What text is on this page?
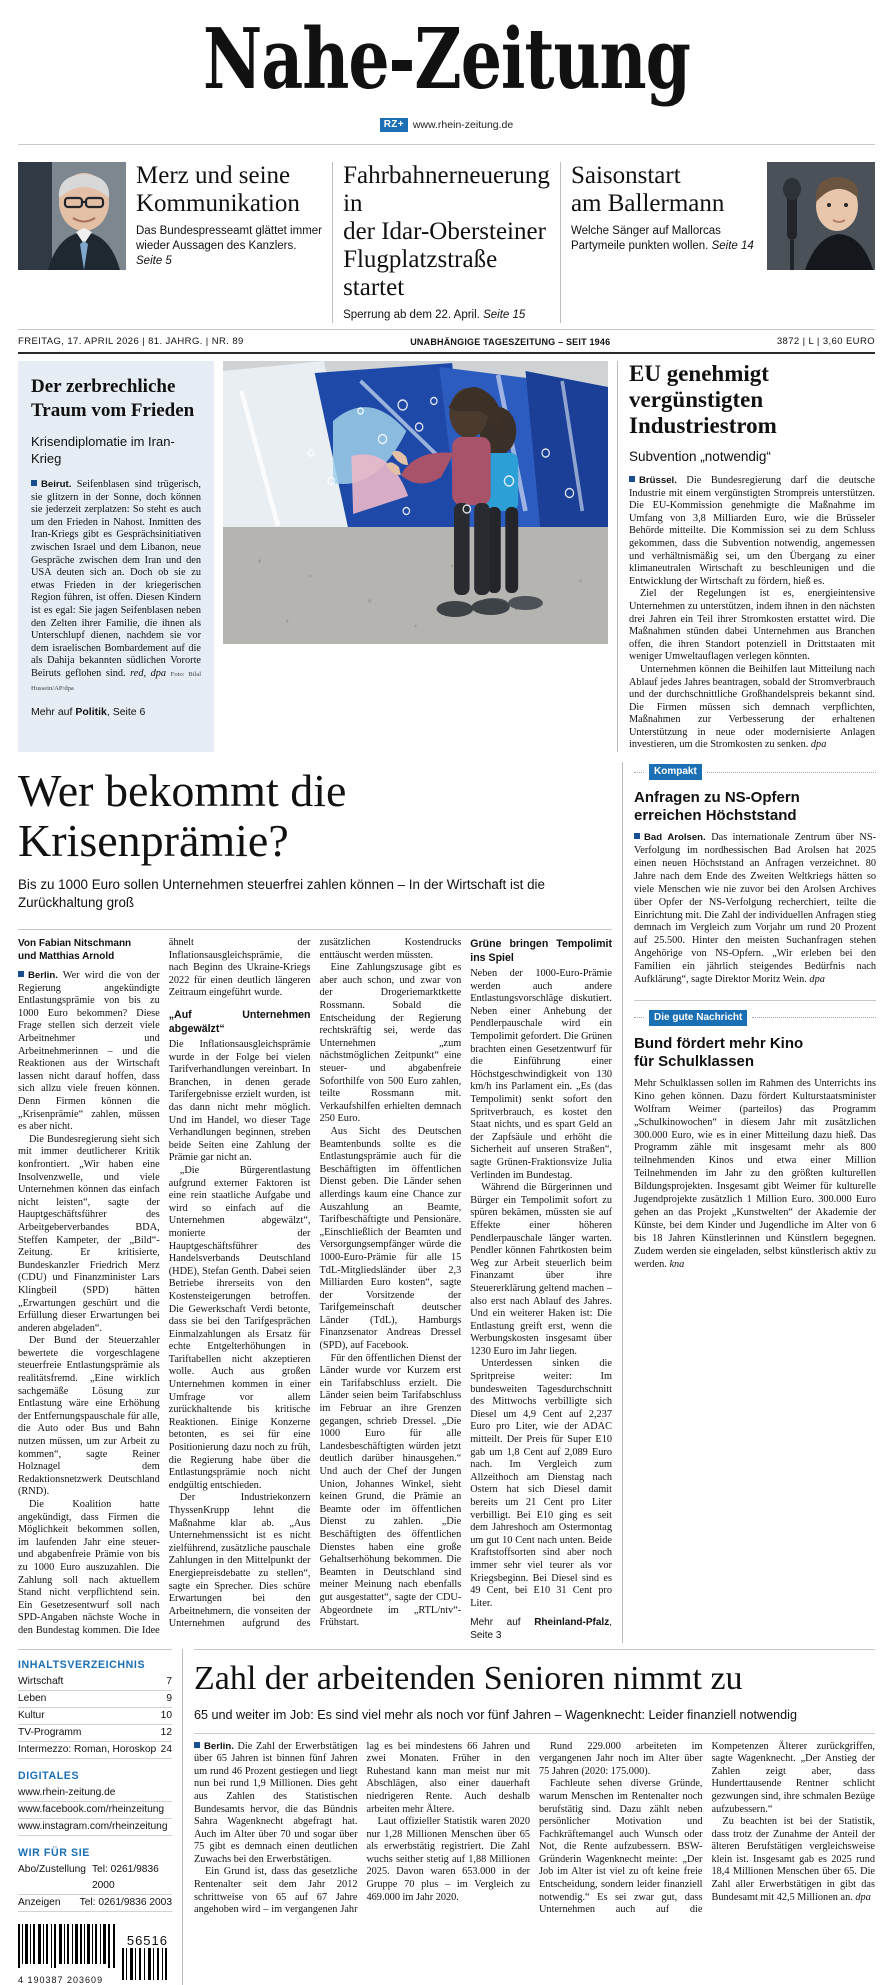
Nahe-Zeitung
RZ+ www.rhein-zeitung.de
Merz und seine
Kommunikation

Das Bundespresseamt glättet immer wieder Aussagen des Kanzlers. Seite 5

Fahrbahnerneuerung in
der Idar-Obersteiner
Flugplatzstraße startet

Sperrung ab dem 22. April. Seite 15

Saisonstart
am Ballermann

Welche Sänger auf Mallorcas Partymeile punkten wollen. Seite 14

FREITAG, 17. APRIL 2026 | 81. JAHRG. | NR. 89	UNABHÄNGIGE TAGESZEITUNG – SEIT 1946	3872 | L | 3,60 EURO
Der zerbrechliche
Traum vom Frieden

Krisendiplomatie im Iran-Krieg

Beirut. Seifenblasen sind trügerisch, sie glitzern in der Sonne, doch können sie jederzeit zerplatzen: So steht es auch um den Frieden in Nahost. Inmitten des Iran-Kriegs gibt es Gesprächsinitiativen zwischen Israel und dem Libanon, neue Gespräche zwischen dem Iran und den USA deuten sich an. Doch ob sie zu etwas Frieden in der kriegerischen Region führen, ist offen. Diesen Kindern ist es egal: Sie jagen Seifenblasen neben den Zelten ihrer Familie, die ihnen als Unterschlupf dienen, nachdem sie vor dem israelischen Bombardement auf die als Dahija bekannten südlichen Vororte Beiruts geflohen sind. red, dpa Foto: Bilal Hussein/AP/dpa

Mehr auf Politik, Seite 6

EU genehmigt
vergünstigten
Industriestrom

Subvention „notwendig“

Brüssel. Die Bundesregierung darf die deutsche Industrie mit einem vergünstigten Strompreis unterstützen. Die EU-Kommission genehmigte die Maßnahme im Umfang von 3,8 Milliarden Euro, wie die Brüsseler Behörde mitteilte. Die Kommission sei zu dem Schluss gekommen, dass die Subvention notwendig, angemessen und verhältnismäßig sei, um den Übergang zu einer klimaneutralen Wirtschaft zu beschleunigen und die Entwicklung der Wirtschaft zu fördern, hieß es.

Ziel der Regelungen ist es, energieintensive Unternehmen zu unterstützen, indem ihnen in den nächsten drei Jahren ein Teil ihrer Stromkosten erstattet wird. Die Maßnahmen stünden dabei Unternehmen aus Branchen offen, die ihren Standort potenziell in Drittstaaten mit weniger Umweltauflagen verlegen könnten.

Unternehmen können die Beihilfen laut Mitteilung nach Ablauf jedes Jahres beantragen, sobald der Stromverbrauch und der durchschnittliche Großhandelspreis bekannt sind. Die Firmen müssen sich demnach verpflichten, Maßnahmen zur Verbesserung der erhaltenen Unterstützung in neue oder modernisierte Anlagen investieren, um die Stromkosten zu senken. dpa

Wer bekommt die Krisenprämie?

Bis zu 1000 Euro sollen Unternehmen steuerfrei zahlen können – In der Wirtschaft ist die Zurückhaltung groß

Von Fabian Nitschmann
und Matthias Arnold

Berlin. Wer wird die von der Regierung angekündigte Entlastungsprämie von bis zu 1000 Euro bekommen? Diese Frage stellen sich derzeit viele Arbeitnehmer und Arbeitnehmerinnen – und die Reaktionen aus der Wirtschaft lassen nicht darauf hoffen, dass sich allzu viele freuen können. Denn Firmen können die „Krisenprämie“ zahlen, müssen es aber nicht.

Die Bundesregierung sieht sich mit immer deutlicherer Kritik konfrontiert. „Wir haben eine Insolvenzwelle, und viele Unternehmen können das einfach nicht leisten“, sagte der Hauptgeschäftsführer des Arbeitgeberverbandes BDA, Steffen Kampeter, der „Bild“-Zeitung. Er kritisierte, Bundeskanzler Friedrich Merz (CDU) und Finanzminister Lars Klingbeil (SPD) hätten „Erwartungen geschürt und die Erfüllung dieser Erwartungen bei anderen abgeladen“.

Der Bund der Steuerzahler bewertete die vorgeschlagene steuerfreie Entlastungsprämie als realitätsfremd. „Eine wirklich sachgemäße Lösung zur Entlastung wäre eine Erhöhung der Entfernungspauschale für alle, die Auto oder Bus und Bahn nutzen müssen, um zur Arbeit zu kommen“, sagte Reiner Holznagel dem Redaktionsnetzwerk Deutschland (RND).

Die Koalition hatte angekündigt, dass Firmen die Möglichkeit bekommen sollen, im laufenden Jahr eine steuer- und abgabenfreie Prämie von bis zu 1000 Euro auszuzahlen. Die Zahlung soll nach aktuellem Stand nicht verpflichtend sein. Ein Gesetzesentwurf soll nach SPD-Angaben nächste Woche in den Bundestag kommen. Die Idee ähnelt der Inflationsausgleichsprämie, die nach Beginn des Ukraine-Kriegs 2022 für einen deutlich längeren Zeitraum eingeführt wurde.

„Auf Unternehmen abgewälzt“

Die Inflationsausgleichsprämie wurde in der Folge bei vielen Tarifverhandlungen vereinbart. In Branchen, in denen gerade Tarifergebnisse erzielt wurden, ist das dann nicht mehr möglich. Und im Handel, wo dieser Tage Verhandlungen beginnen, streben beide Seiten eine Zahlung der Prämie gar nicht an.

„Die Bürgerentlastung aufgrund externer Faktoren ist eine rein staatliche Aufgabe und wird so einfach auf die Unternehmen abgewälzt“, monierte der Hauptgeschäftsführer des Handelsverbands Deutschland (HDE), Stefan Genth. Dabei seien Betriebe ihrerseits von den Kostensteigerungen betroffen. Die Gewerkschaft Verdi betonte, dass sie bei den Tarifgesprächen Einmalzahlungen als Ersatz für echte Entgelterhöhungen in Tariftabellen nicht akzeptieren wolle. Auch aus großen Unternehmen kommen in einer Umfrage vor allem zurückhaltende bis kritische Reaktionen. Einige Konzerne betonten, es sei für eine Positionierung dazu noch zu früh, die Regierung habe über die Entlastungsprämie noch nicht endgültig entschieden.

Der Industriekonzern ThyssenKrupp lehnt die Maßnahme klar ab. „Aus Unternehmenssicht ist es nicht zielführend, zusätzliche pauschale Zahlungen in den Mittelpunkt der Energiepreisdebatte zu stellen“, sagte ein Sprecher. Dies schüre Erwartungen bei den Arbeitnehmern, die vonseiten der Unternehmen aufgrund des zusätzlichen Kostendrucks enttäuscht werden müssten.

Eine Zahlungszusage gibt es aber auch schon, und zwar von der Drogeriemarktkette Rossmann. Sobald die Entscheidung der Regierung rechtskräftig sei, werde das Unternehmen „zum nächstmöglichen Zeitpunkt“ eine steuer- und abgabenfreie Soforthilfe von 500 Euro zahlen, teilte Rossmann mit. Verkaufshilfen erhielten demnach 250 Euro.

Aus Sicht des Deutschen Beamtenbunds sollte es die Entlastungsprämie auch für die Beschäftigten im öffentlichen Dienst geben. Die Länder sehen allerdings kaum eine Chance zur Auszahlung an Beamte, Tarifbeschäftigte und Pensionäre. „Einschließlich der Beamten und Versorgungsempfänger würde die 1000-Euro-Prämie für alle 15 TdL-Mitgliedsländer über 2,3 Milliarden Euro kosten“, sagte der Vorsitzende der Tarifgemeinschaft deutscher Länder (TdL), Hamburgs Finanzsenator Andreas Dressel (SPD), auf Facebook.

Für den öffentlichen Dienst der Länder wurde vor Kurzem erst ein Tarifabschluss erzielt. Die Länder seien beim Tarifabschluss im Februar an ihre Grenzen gegangen, schrieb Dressel. „Die 1000 Euro für alle Landesbeschäftigten würden jetzt deutlich darüber hinausgehen.“ Und auch der Chef der Jungen Union, Johannes Winkel, sieht keinen Grund, die Prämie an Beamte oder im öffentlichen Dienst zu zahlen. „Die Beschäftigten des öffentlichen Dienstes haben eine große Gehaltserhöhung bekommen. Die Beamten in Deutschland sind meiner Meinung nach ebenfalls gut ausgestattet“, sagte der CDU-Abgeordnete im „RTL/ntv“-Frühstart.

Grüne bringen Tempolimit ins Spiel

Neben der 1000-Euro-Prämie werden auch andere Entlastungsvorschläge diskutiert. Neben einer Anhebung der Pendlerpauschale wird ein Tempolimit gefordert. Die Grünen brachten einen Gesetzentwurf für die Einführung einer Höchstgeschwindigkeit von 130 km/h ins Parlament ein. „Es (das Tempolimit) senkt sofort den Spritverbrauch, es kostet den Staat nichts, und es spart Geld an der Zapfsäule und erhöht die Sicherheit auf unseren Straßen“, sagte Grünen-Fraktionsvize Julia Verlinden im Bundestag.

Während die Bürgerinnen und Bürger ein Tempolimit sofort zu spüren bekämen, müssten sie auf Effekte einer höheren Pendlerpauschale länger warten. Pendler können Fahrtkosten beim Weg zur Arbeit steuerlich beim Finanzamt über ihre Steuererklärung geltend machen – also erst nach Ablauf des Jahres. Und ein weiterer Haken ist: Die Entlastung greift erst, wenn die Werbungskosten insgesamt über 1230 Euro im Jahr liegen.

Unterdessen sinken die Spritpreise weiter: Im bundesweiten Tagesdurchschnitt des Mittwochs verbilligte sich Diesel um 4,9 Cent auf 2,237 Euro pro Liter, wie der ADAC mitteilt. Der Preis für Super E10 gab um 1,8 Cent auf 2,089 Euro nach. Im Vergleich zum Allzeithoch am Dienstag nach Ostern hat sich Diesel damit bereits um 21 Cent pro Liter verbilligt. Bei E10 ging es seit dem Jahreshoch am Ostermontag um gut 10 Cent nach unten. Beide Kraftstoffsorten sind aber noch immer sehr viel teurer als vor Kriegsbeginn. Bei Diesel sind es 49 Cent, bei E10 31 Cent pro Liter.

Mehr auf Rheinland-Pfalz, Seite 3

Kompakt
Anfragen zu NS-Opfern
erreichen Höchststand

Bad Arolsen. Das internationale Zentrum über NS-Verfolgung im nordhessischen Bad Arolsen hat 2025 einen neuen Höchststand an Anfragen verzeichnet. 80 Jahre nach dem Ende des Zweiten Weltkriegs hätten so viele Menschen wie nie zuvor bei den Arolsen Archives über Opfer der NS-Verfolgung recherchiert, teilte die Einrichtung mit. Die Zahl der individuellen Anfragen stieg demnach im Vergleich zum Vorjahr um rund 20 Prozent auf 25.500. Hinter den meisten Suchanfragen stehen Angehörige von NS-Opfern. „Wir erleben bei den Familien ein jährlich steigendes Bedürfnis nach Aufklärung“, sagte Direktor Moritz Wein. dpa

Die gute Nachricht
Bund fördert mehr Kino
für Schulklassen

Mehr Schulklassen sollen im Rahmen des Unterrichts ins Kino gehen können. Dazu fördert Kulturstaatsminister Wolfram Weimer (parteilos) das Programm „Schulkinowochen“ in diesem Jahr mit zusätzlichen 300.000 Euro, wie es in einer Mitteilung dazu hieß. Das Programm zähle mit insgesamt mehr als 800 teilnehmenden Kinos und etwa einer Million Teilnehmenden im Jahr zu den größten kulturellen Bildungsprojekten. Insgesamt gibt Weimer für kulturelle Jugendprojekte zusätzlich 1 Million Euro. 300.000 Euro gehen an das Projekt „Kunstwelten“ der Akademie der Künste, bei dem Kinder und Jugendliche im Alter von 6 bis 18 Jahren Künstlerinnen und Künstlern begegnen. Zudem werden sie eingeladen, selbst künstlerisch aktiv zu werden. kna

INHALTSVERZEICHNIS

Wirtschaft	7
Leben	9
Kultur	10
TV-Programm	12
Intermezzo: Roman, Horoskop 24

DIGITALES

www.rhein-zeitung.de
www.facebook.com/rheinzeitung
www.instagram.com/rheinzeitung

WIR FÜR SIE

Abo/Zustellung Tel: 0261/9836 2000
Anzeigen Tel: 0261/9836 2003
4 190387 203609
56516
Zahl der arbeitenden Senioren nimmt zu

65 und weiter im Job: Es sind viel mehr als noch vor fünf Jahren – Wagenknecht: Leider finanziell notwendig

Berlin. Die Zahl der Erwerbstätigen über 65 Jahren ist binnen fünf Jahren um rund 46 Prozent gestiegen und liegt nun bei rund 1,9 Millionen. Dies geht aus Zahlen des Statistischen Bundesamts hervor, die das Bündnis Sahra Wagenknecht abgefragt hat. Auch im Alter über 70 und sogar über 75 gibt es demnach einen deutlichen Zuwachs bei den Erwerbstätigen.

Ein Grund ist, dass das gesetzliche Rentenalter seit dem Jahr 2012 schrittweise von 65 auf 67 Jahre angehoben wird – im vergangenen Jahr lag es bei mindestens 66 Jahren und zwei Monaten. Früher in den Ruhestand kann man meist nur mit Abschlägen, also einer dauerhaft niedrigeren Rente. Auch deshalb arbeiten mehr Ältere.

Laut offizieller Statistik waren 2020 nur 1,28 Millionen Menschen über 65 als erwerbstätig registriert. Die Zahl wuchs seither stetig auf 1,88 Millionen 2025. Davon waren 653.000 in der Gruppe 70 plus – im Vergleich zu 469.000 im Jahr 2020.

Rund 229.000 arbeiteten im vergangenen Jahr noch im Alter über 75 Jahren (2020: 175.000).

Fachleute sehen diverse Gründe, warum Menschen im Rentenalter noch berufstätig sind. Dazu zählt neben persönlicher Motivation und Fachkräftemangel auch Wunsch oder Not, die Rente aufzubessern. BSW-Gründerin Wagenknecht meinte: „Der Job im Alter ist viel zu oft keine freie Entscheidung, sondern leider finanziell notwendig.“ Es sei zwar gut, dass Unternehmen auch auf die Kompetenzen Älterer zurückgriffen, sagte Wagenknecht. „Der Anstieg der Zahlen zeigt aber, dass Hunderttausende Rentner schlicht gezwungen sind, ihre schmalen Bezüge aufzubessern.“

Zu beachten ist bei der Statistik, dass trotz der Zunahme der Anteil der älteren Berufstätigen vergleichsweise klein ist. Insgesamt gab es 2025 rund 18,4 Millionen Menschen über 65. Die Zahl aller Erwerbstätigen in gibt das Bundesamt mit 42,5 Millionen an. dpa
